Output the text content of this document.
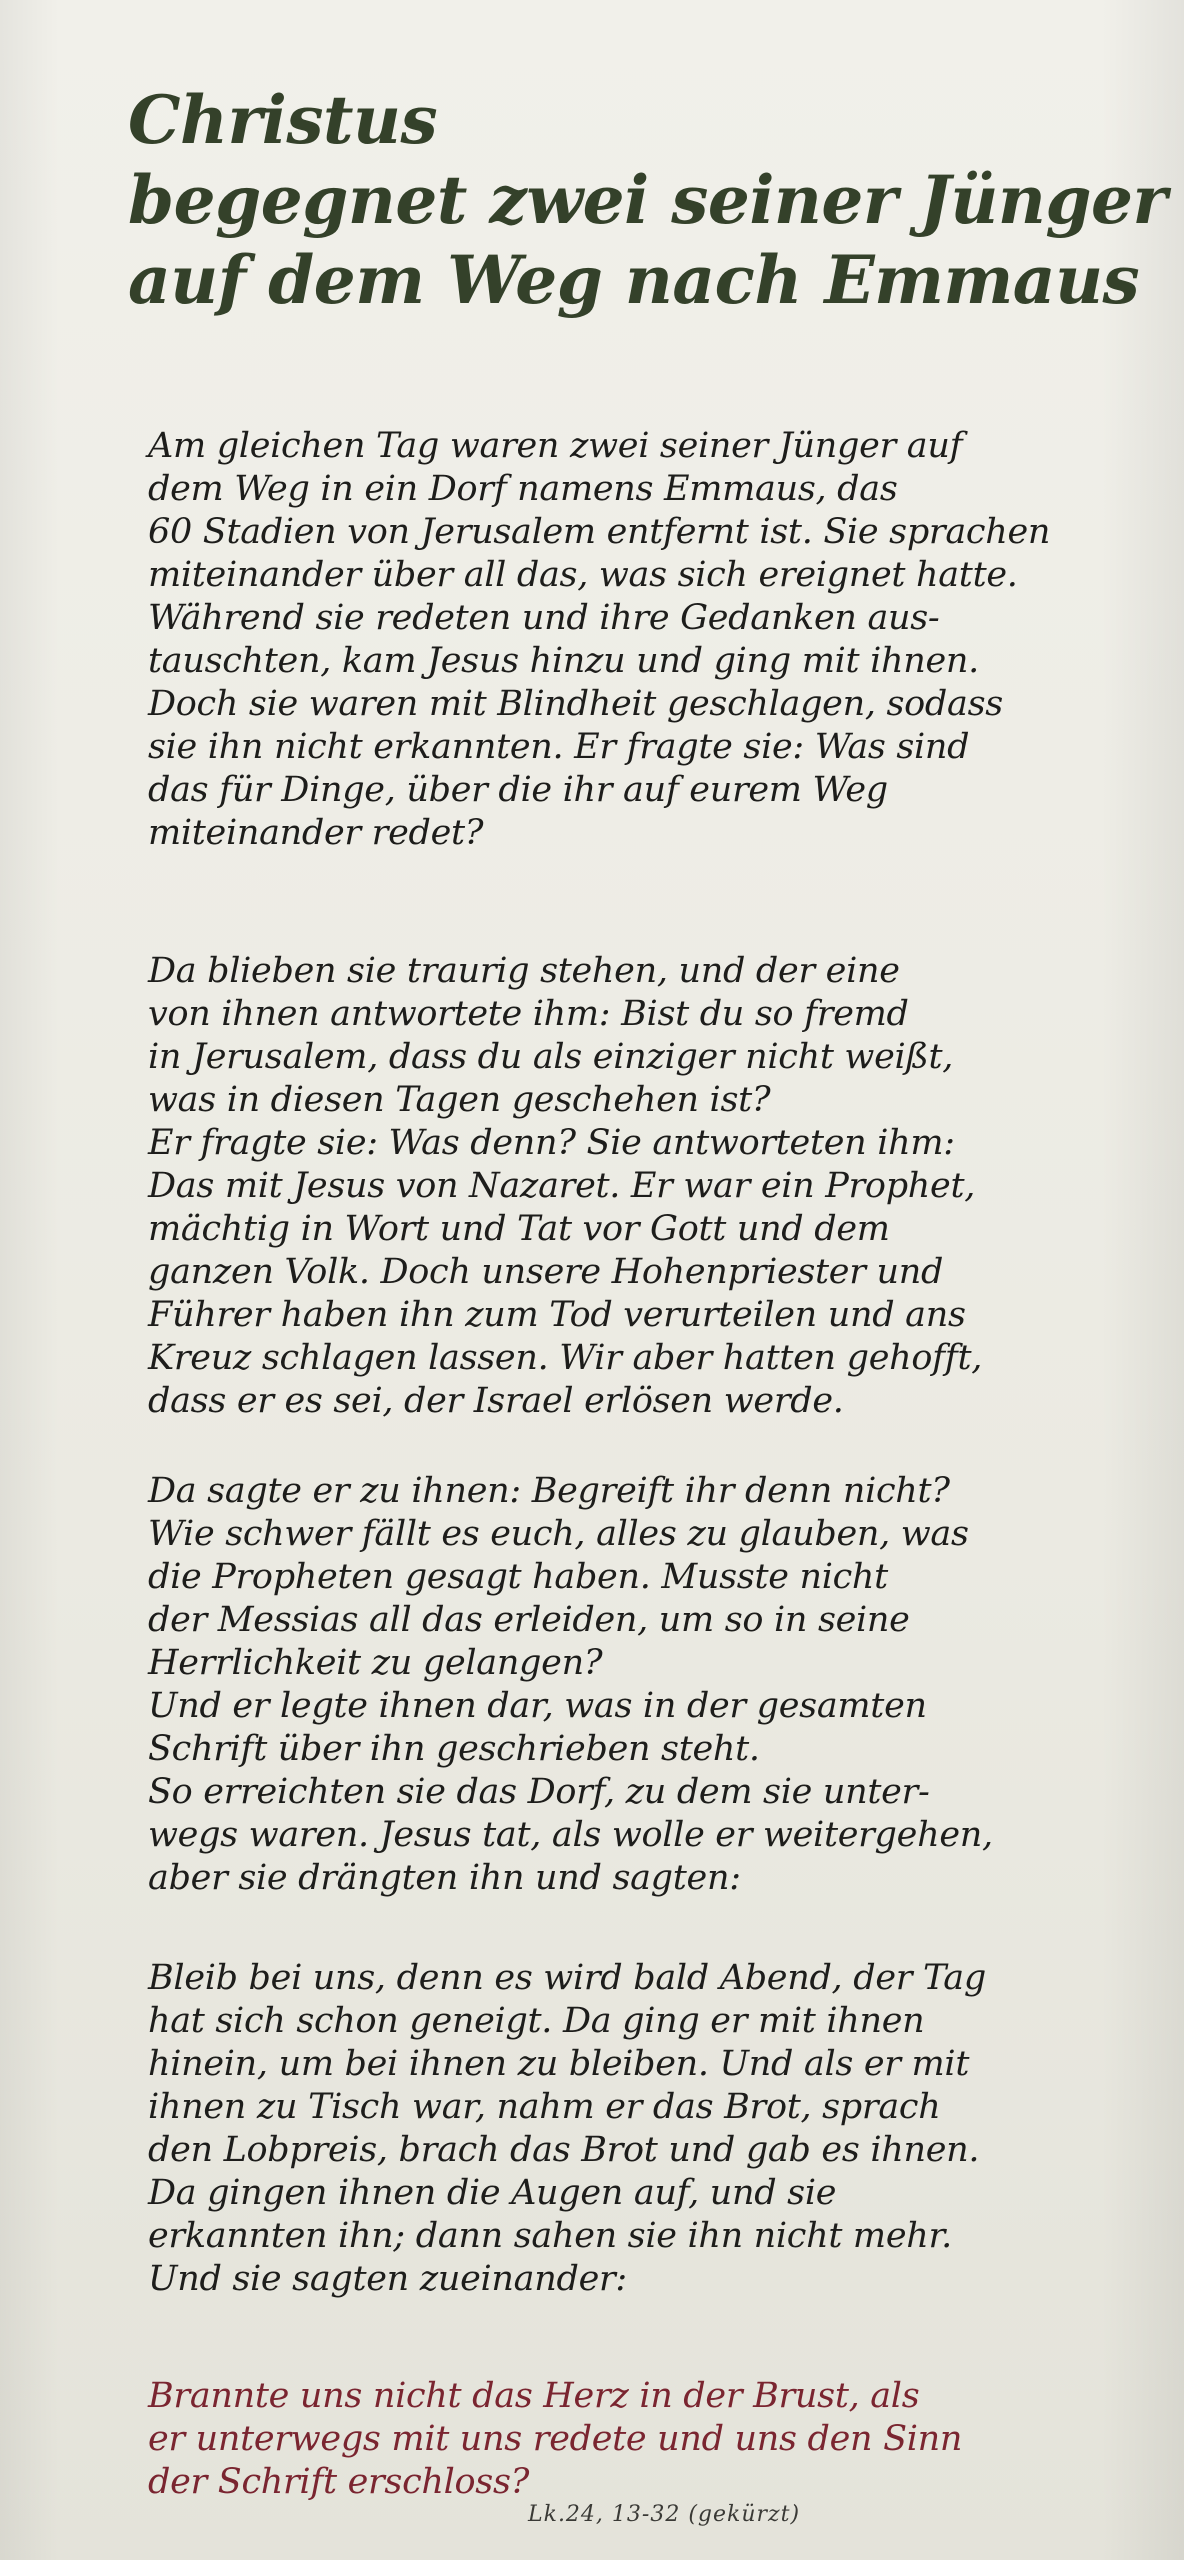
Christus
begegnet zwei seiner Jünger
auf dem Weg nach Emmaus

Am gleichen Tag waren zwei seiner Jünger auf
dem Weg in ein Dorf namens Emmaus, das
60 Stadien von Jerusalem entfernt ist. Sie sprachen
miteinander über all das, was sich ereignet hatte.
Während sie redeten und ihre Gedanken aus-
tauschten, kam Jesus hinzu und ging mit ihnen.
Doch sie waren mit Blindheit geschlagen, sodass
sie ihn nicht erkannten. Er fragte sie: Was sind
das für Dinge, über die ihr auf eurem Weg
miteinander redet?

Da blieben sie traurig stehen, und der eine
von ihnen antwortete ihm: Bist du so fremd
in Jerusalem, dass du als einziger nicht weißt,
was in diesen Tagen geschehen ist?
Er fragte sie: Was denn? Sie antworteten ihm:
Das mit Jesus von Nazaret. Er war ein Prophet,
mächtig in Wort und Tat vor Gott und dem
ganzen Volk. Doch unsere Hohenpriester und
Führer haben ihn zum Tod verurteilen und ans
Kreuz schlagen lassen. Wir aber hatten gehofft,
dass er es sei, der Israel erlösen werde.

Da sagte er zu ihnen: Begreift ihr denn nicht?
Wie schwer fällt es euch, alles zu glauben, was
die Propheten gesagt haben. Musste nicht
der Messias all das erleiden, um so in seine
Herrlichkeit zu gelangen?
Und er legte ihnen dar, was in der gesamten
Schrift über ihn geschrieben steht.
So erreichten sie das Dorf, zu dem sie unter-
wegs waren. Jesus tat, als wolle er weitergehen,
aber sie drängten ihn und sagten:

Bleib bei uns, denn es wird bald Abend, der Tag
hat sich schon geneigt. Da ging er mit ihnen
hinein, um bei ihnen zu bleiben. Und als er mit
ihnen zu Tisch war, nahm er das Brot, sprach
den Lobpreis, brach das Brot und gab es ihnen.
Da gingen ihnen die Augen auf, und sie
erkannten ihn; dann sahen sie ihn nicht mehr.
Und sie sagten zueinander:

Brannte uns nicht das Herz in der Brust, als
er unterwegs mit uns redete und uns den Sinn
der Schrift erschloss?

Lk.24, 13-32 (gekürzt)
